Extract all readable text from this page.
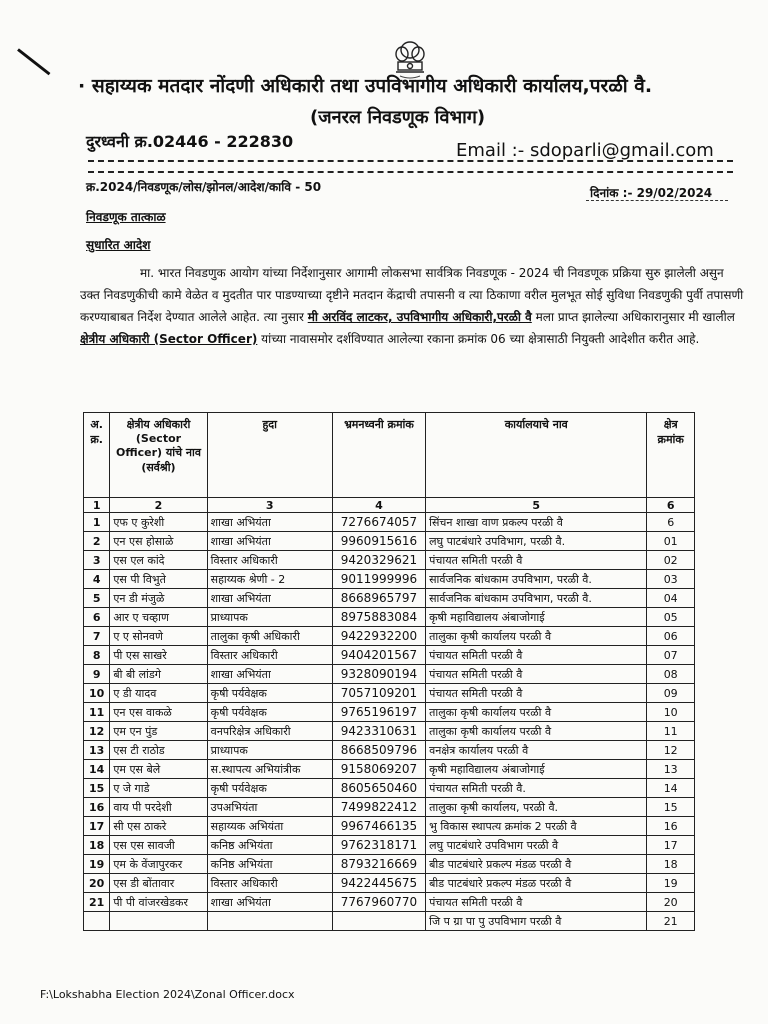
· सहाय्यक मतदार नोंदणी अधिकारी तथा उपविभागीय अधिकारी कार्यालय,परळी वै.
(जनरल निवडणूक विभाग)
दुरध्वनी क्र.02446 - 222830	Email :- sdoparli@gmail.com
क्र.2024/निवडणूक/लोस/झोनल/आदेश/कावि - 50	दिनांक :- 29/02/2024
निवडणूक तात्काळ
सुधारित आदेश
मा. भारत निवडणुक आयोग यांच्या निर्देशानुसार आगामी लोकसभा सार्वत्रिक निवडणूक - 2024 ची निवडणूक प्रक्रिया सुरु झालेली असुन उक्त निवडणुकीची कामे वेळेत व मुदतीत पार पाडण्याच्या दृष्टीने मतदान केंद्राची तपासनी व त्या ठिकाणा वरील मुलभूत सोई सुविधा निवडणुकी पुर्वी तपासणी करण्याबाबत निर्देश देण्यात आलेले आहेत. त्या नुसार मी अरविंद लाटकर, उपविभागीय अधिकारी,परळी वै मला प्राप्त झालेल्या अधिकारानुसार मी खालील क्षेत्रीय अधिकारी (Sector Officer) यांच्या नावासमोर दर्शविण्यात आलेल्या रकाना क्रमांक 06 च्या क्षेत्रासाठी नियुक्ती आदेशीत करीत आहे.
अ. क्र.	क्षेत्रीय अधिकारी (Sector Officer) यांचे नाव (सर्वश्री)	हुदा	भ्रमनध्वनी क्रमांक	कार्यालयाचे नाव	क्षेत्र क्रमांक
1	2	3	4	5	6
1	एफ ए कुरेशी	शाखा अभियंता	7276674057	सिंचन शाखा वाण प्रकल्प परळी वै	6
2	एन एस होसाळे	शाखा अभियंता	9960915616	लघु पाटबंधारे उपविभाग, परळी वै.	01
3	एस एल कांदे	विस्तार अधिकारी	9420329621	पंचायत समिती परळी वै	02
4	एस पी विभुते	सहाय्यक श्रेणी - 2	9011999996	सार्वजनिक बांधकाम उपविभाग, परळी वै.	03
5	एन डी मंजुळे	शाखा अभियंता	8668965797	सार्वजनिक बांधकाम उपविभाग, परळी वै.	04
6	आर ए चव्हाण	प्राध्यापक	8975883084	कृषी महाविद्यालय अंबाजोगाई	05
7	ए ए सोनवणे	तालुका कृषी अधिकारी	9422932200	तालुका कृषी कार्यालय परळी वै	06
8	पी एस साखरे	विस्तार अधिकारी	9404201567	पंचायत समिती परळी वै	07
9	बी बी लांडगे	शाखा अभियंता	9328090194	पंचायत समिती परळी वै	08
10	ए डी यादव	कृषी पर्यवेक्षक	7057109201	पंचायत समिती परळी वै	09
11	एन एस वाकळे	कृषी पर्यवेक्षक	9765196197	तालुका कृषी कार्यालय परळी वै	10
12	एम एन पुंड	वनपरिक्षेत्र अधिकारी	9423310631	तालुका कृषी कार्यालय परळी वै	11
13	एस टी राठोड	प्राध्यापक	8668509796	वनक्षेत्र कार्यालय परळी वै	12
14	एम एस बेले	स.स्थापत्य अभियांत्रीक	9158069207	कृषी महाविद्यालय अंबाजोगाई	13
15	ए जे गाडे	कृषी पर्यवेक्षक	8605650460	पंचायत समिती परळी वै.	14
16	वाय पी परदेशी	उपअभियंता	7499822412	तालुका कृषी कार्यालय, परळी वै.	15
17	सी एस ठाकरे	सहाय्यक अभियंता	9967466135	भु विकास स्थापत्य क्रमांक 2 परळी वै	16
18	एस एस सावजी	कनिष्ठ अभियंता	9762318171	लघु पाटबंधारे उपविभाग परळी वै	17
19	एम के वेंजापुरकर	कनिष्ठ अभियंता	8793216669	बीड पाटबंधारे प्रकल्प मंडळ परळी वै	18
20	एस डी बोंतावार	विस्तार अधिकारी	9422445675	बीड पाटबंधारे प्रकल्प मंडळ परळी वै	19
21	पी पी वांजरखेडकर	शाखा अभियंता	7767960770	पंचायत समिती परळी वै	20
				जि प ग्रा पा पु उपविभाग परळी वै	21
F:\Lokshabha Election 2024\Zonal Officer.docx
